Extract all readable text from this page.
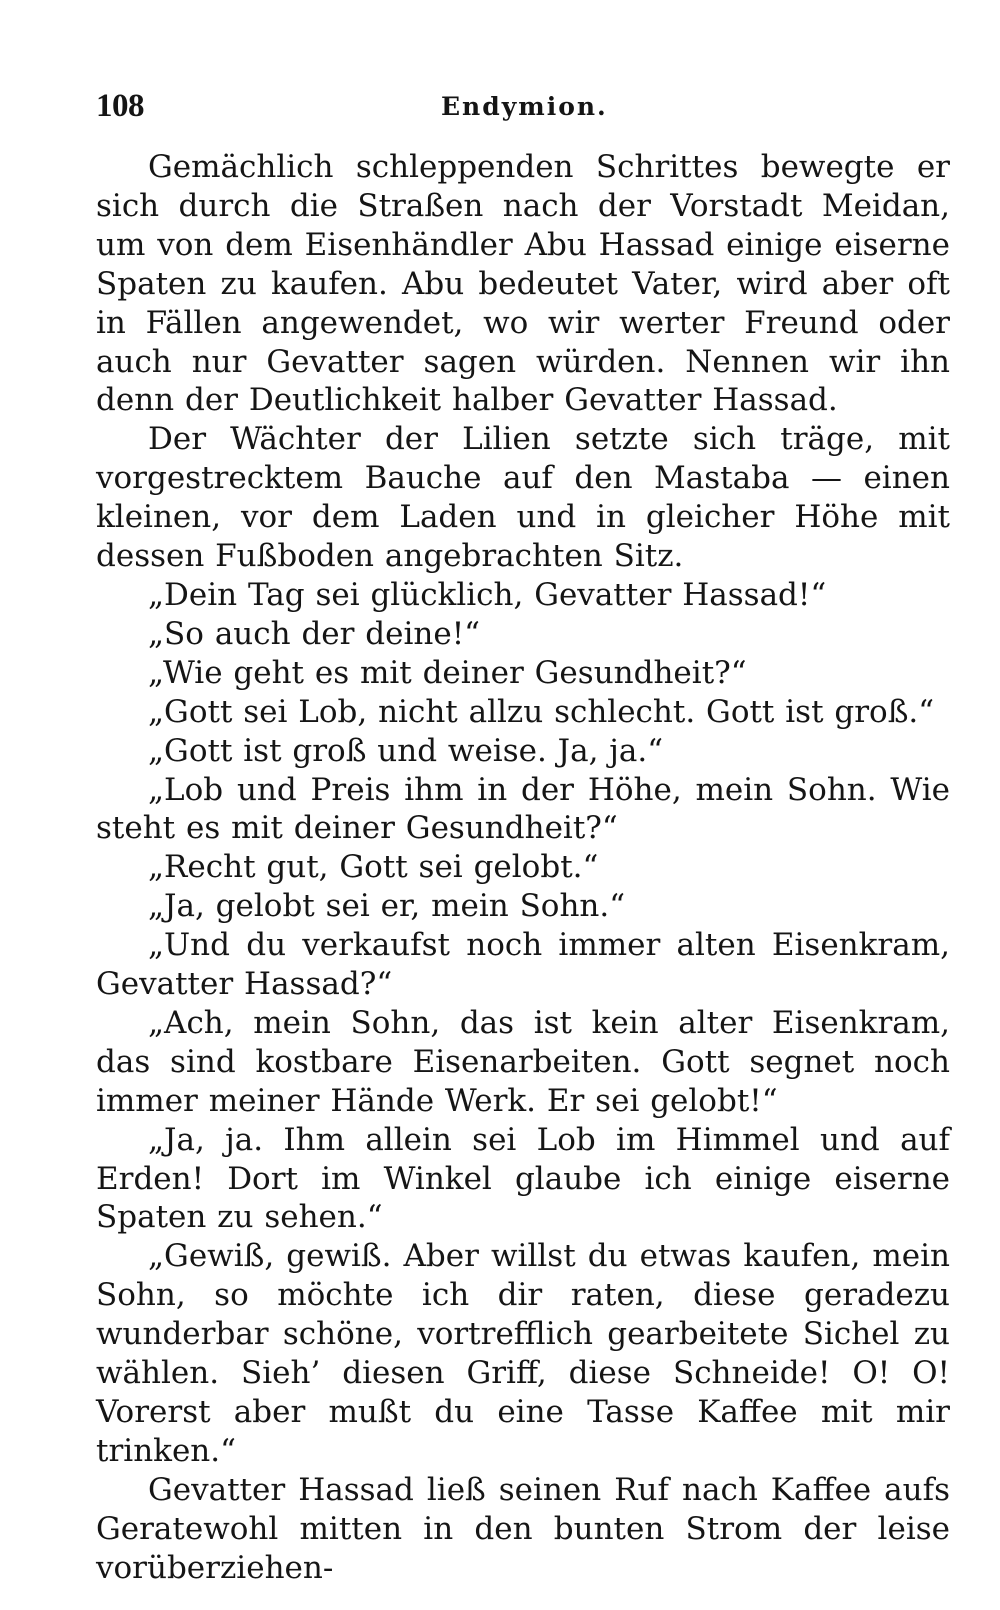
108	Endymion.

Gemächlich schleppenden Schrittes bewegte er sich durch die Straßen nach der Vorstadt Meidan, um von dem Eisenhändler Abu Hassad einige eiserne Spaten zu kaufen. Abu bedeutet Vater, wird aber oft in Fällen angewendet, wo wir werter Freund oder auch nur Gevatter sagen würden. Nennen wir ihn denn der Deutlichkeit halber Gevatter Hassad.

Der Wächter der Lilien setzte sich träge, mit vorgestrecktem Bauche auf den Mastaba — einen kleinen, vor dem Laden und in gleicher Höhe mit dessen Fußboden angebrachten Sitz.

„Dein Tag sei glücklich, Gevatter Hassad!“

„So auch der deine!“

„Wie geht es mit deiner Gesundheit?“

„Gott sei Lob, nicht allzu schlecht. Gott ist groß.“

„Gott ist groß und weise. Ja, ja.“

„Lob und Preis ihm in der Höhe, mein Sohn. Wie steht es mit deiner Gesundheit?“

„Recht gut, Gott sei gelobt.“

„Ja, gelobt sei er, mein Sohn.“

„Und du verkaufst noch immer alten Eisenkram, Gevatter Hassad?“

„Ach, mein Sohn, das ist kein alter Eisenkram, das sind kostbare Eisenarbeiten. Gott segnet noch immer meiner Hände Werk. Er sei gelobt!“

„Ja, ja. Ihm allein sei Lob im Himmel und auf Erden! Dort im Winkel glaube ich einige eiserne Spaten zu sehen.“

„Gewiß, gewiß. Aber willst du etwas kaufen, mein Sohn, so möchte ich dir raten, diese geradezu wunderbar schöne, vortrefflich gearbeitete Sichel zu wählen. Sieh’ diesen Griff, diese Schneide! O! O! Vorerst aber mußt du eine Tasse Kaffee mit mir trinken.“

Gevatter Hassad ließ seinen Ruf nach Kaffee aufs Geratewohl mitten in den bunten Strom der leise vorüberziehen-
